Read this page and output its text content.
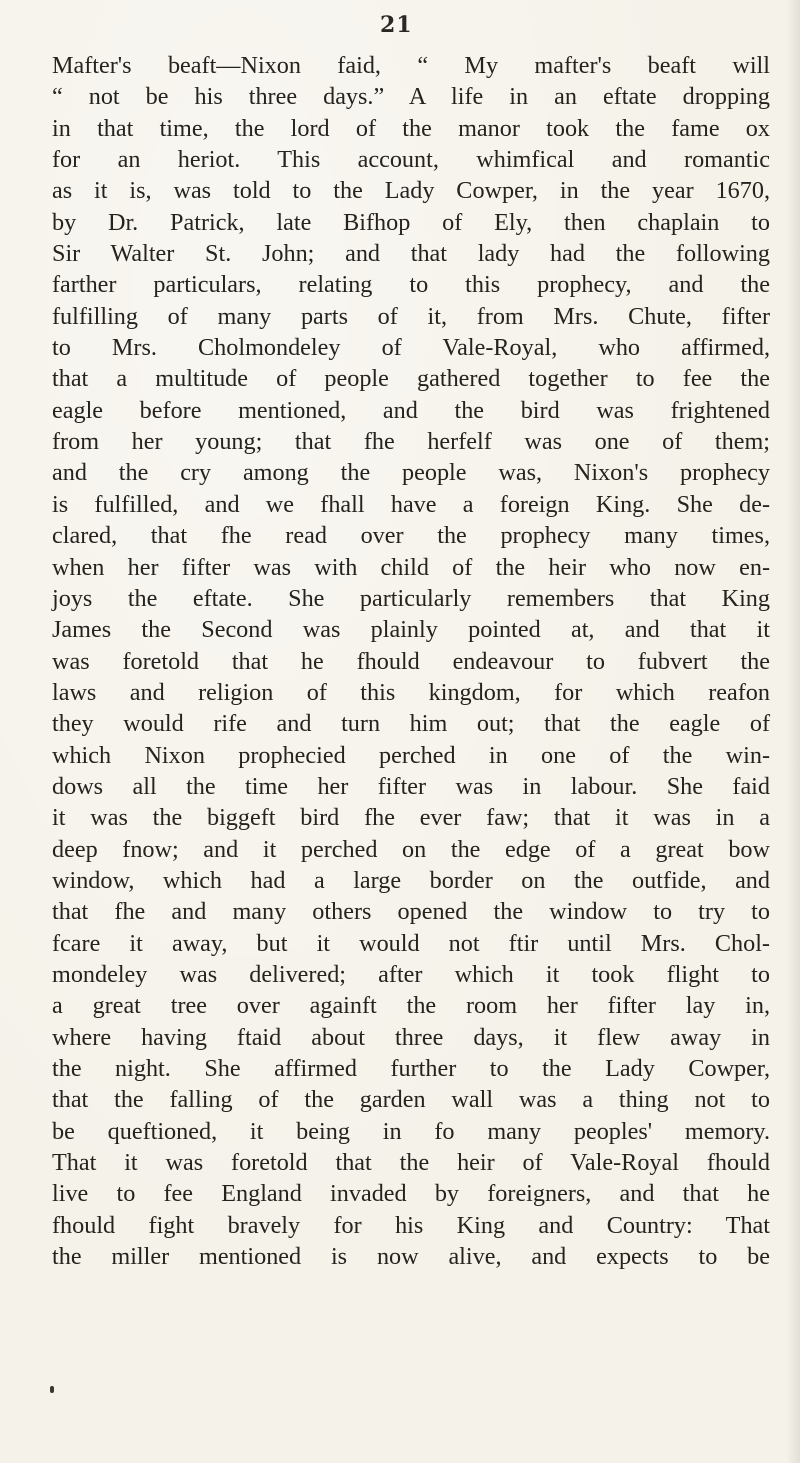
21
Mafter's beaft—Nixon faid, “ My mafter's beaft will
“ not be his three days.” A life in an eftate dropping
in that time, the lord of the manor took the fame ox
for an heriot. This account, whimfical and romantic
as it is, was told to the Lady Cowper, in the year 1670,
by Dr. Patrick, late Bifhop of Ely, then chaplain to
Sir Walter St. John; and that lady had the following
farther particulars, relating to this prophecy, and the
fulfilling of many parts of it, from Mrs. Chute, fifter
to Mrs. Cholmondeley of Vale-Royal, who affirmed,
that a multitude of people gathered together to fee the
eagle before mentioned, and the bird was frightened
from her young; that fhe herfelf was one of them;
and the cry among the people was, Nixon's prophecy
is fulfilled, and we fhall have a foreign King. She de-
clared, that fhe read over the prophecy many times,
when her fifter was with child of the heir who now en-
joys the eftate. She particularly remembers that King
James the Second was plainly pointed at, and that it
was foretold that he fhould endeavour to fubvert the
laws and religion of this kingdom, for which reafon
they would rife and turn him out; that the eagle of
which Nixon prophecied perched in one of the win-
dows all the time her fifter was in labour. She faid
it was the biggeft bird fhe ever faw; that it was in a
deep fnow; and it perched on the edge of a great bow
window, which had a large border on the outfide, and
that fhe and many others opened the window to try to
fcare it away, but it would not ftir until Mrs. Chol-
mondeley was delivered; after which it took flight to
a great tree over againft the room her fifter lay in,
where having ftaid about three days, it flew away in
the night. She affirmed further to the Lady Cowper,
that the falling of the garden wall was a thing not to
be queftioned, it being in fo many peoples' memory.
That it was foretold that the heir of Vale-Royal fhould
live to fee England invaded by foreigners, and that he
fhould fight bravely for his King and Country: That
the miller mentioned is now alive, and expects to be
